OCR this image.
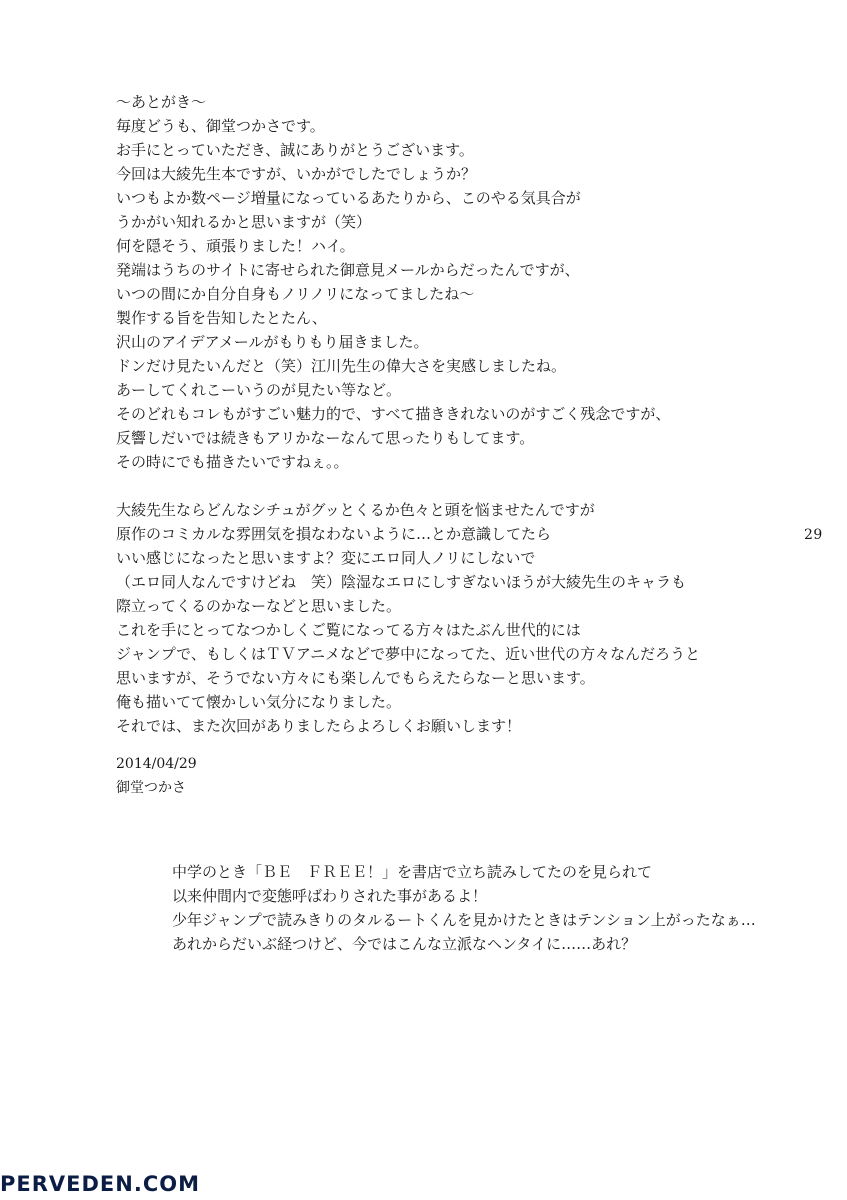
〜あとがき〜

毎度どうも、御堂つかさです。

お手にとっていただき、誠にありがとうございます。

今回は大綾先生本ですが、いかがでしたでしょうか？

いつもよか数ページ増量になっているあたりから、このやる気具合が

うかがい知れるかと思いますが（笑）

何を隠そう、頑張りました！ハイ。

発端はうちのサイトに寄せられた御意見メールからだったんですが、

いつの間にか自分自身もノリノリになってましたね〜

製作する旨を告知したとたん、

沢山のアイデアメールがもりもり届きました。

ドンだけ見たいんだと（笑）江川先生の偉大さを実感しましたね。

あーしてくれこーいうのが見たい等など。

そのどれもコレもがすごい魅力的で、すべて描ききれないのがすごく残念ですが、

反響しだいでは続きもアリかなーなんて思ったりもしてます。

その時にでも描きたいですねぇ。。

大綾先生ならどんなシチュがグッとくるか色々と頭を悩ませたんですが

原作のコミカルな雰囲気を損なわないように…とか意識してたら

いい感じになったと思いますよ？変にエロ同人ノリにしないで

（エロ同人なんですけどね　笑）陰湿なエロにしすぎないほうが大綾先生のキャラも

際立ってくるのかなーなどと思いました。

これを手にとってなつかしくご覧になってる方々はたぶん世代的には

ジャンプで、もしくはＴＶアニメなどで夢中になってた、近い世代の方々なんだろうと

思いますが、そうでない方々にも楽しんでもらえたらなーと思います。

俺も描いてて懐かしい気分になりました。

それでは、また次回がありましたらよろしくお願いします！

29
2014/04/29
御堂つかさ

中学のとき「ＢＥ　ＦＲＥＥ！」を書店で立ち読みしてたのを見られて

以来仲間内で変態呼ばわりされた事があるよ！

少年ジャンプで読みきりのタルるートくんを見かけたときはテンション上がったなぁ…

あれからだいぶ経つけど、今ではこんな立派なヘンタイに……あれ？

PERVEDEN.COM
